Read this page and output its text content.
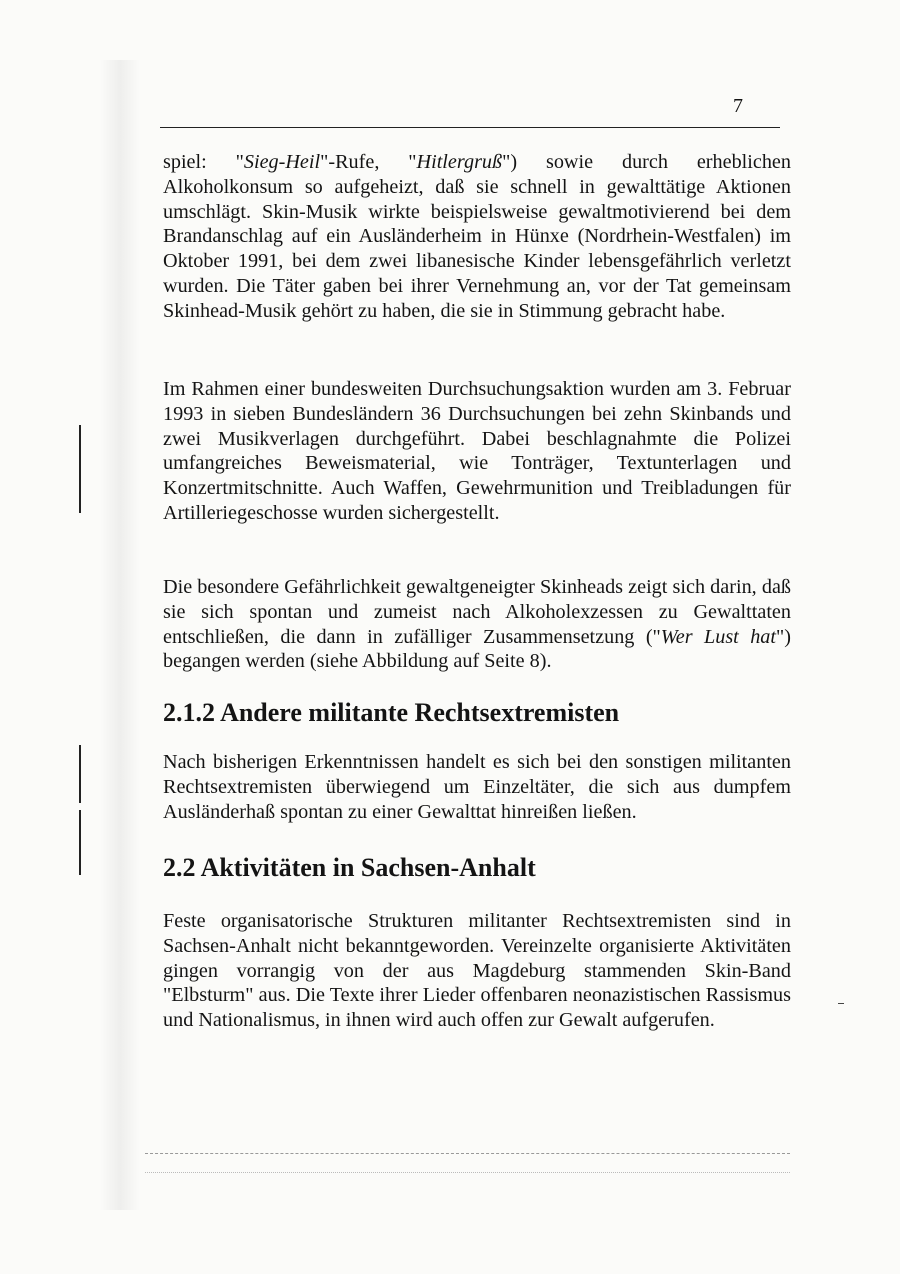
7

spiel: "Sieg-Heil"-Rufe, "Hitlergruß") sowie durch erheblichen Alkoholkonsum so aufgeheizt, daß sie schnell in gewalttätige Aktionen umschlägt. Skin-Musik wirkte beispielsweise gewaltmotivierend bei dem Brandanschlag auf ein Ausländerheim in Hünxe (Nordrhein-Westfalen) im Oktober 1991, bei dem zwei libanesische Kinder lebensgefährlich verletzt wurden. Die Täter gaben bei ihrer Vernehmung an, vor der Tat gemeinsam Skinhead-Musik gehört zu haben, die sie in Stimmung gebracht habe.

Im Rahmen einer bundesweiten Durchsuchungsaktion wurden am 3. Februar 1993 in sieben Bundesländern 36 Durchsuchungen bei zehn Skinbands und zwei Musikverlagen durchgeführt. Dabei beschlagnahmte die Polizei umfangreiches Beweismaterial, wie Tonträger, Textunterlagen und Konzertmitschnitte. Auch Waffen, Gewehrmunition und Treibladungen für Artilleriegeschosse wurden sichergestellt.

Die besondere Gefährlichkeit gewaltgeneigter Skinheads zeigt sich darin, daß sie sich spontan und zumeist nach Alkoholexzessen zu Gewalttaten entschließen, die dann in zufälliger Zusammensetzung ("Wer Lust hat") begangen werden (siehe Abbildung auf Seite 8).

2.1.2 Andere militante Rechtsextremisten

Nach bisherigen Erkenntnissen handelt es sich bei den sonstigen militanten Rechtsextremisten überwiegend um Einzeltäter, die sich aus dumpfem Ausländerhaß spontan zu einer Gewalttat hinreißen ließen.

2.2 Aktivitäten in Sachsen-Anhalt

Feste organisatorische Strukturen militanter Rechtsextremisten sind in Sachsen-Anhalt nicht bekanntgeworden. Vereinzelte organisierte Aktivitäten gingen vorrangig von der aus Magdeburg stammenden Skin-Band "Elbsturm" aus. Die Texte ihrer Lieder offenbaren neonazistischen Rassismus und Nationalismus, in ihnen wird auch offen zur Gewalt aufgerufen.
